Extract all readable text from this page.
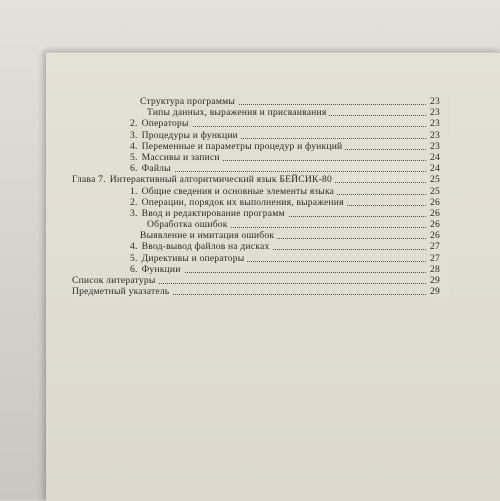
Структура программы	23
Типы данных, выражения и присваивания	23
2. Операторы	23
3. Процедуры и функции	23
4. Переменные и параметры процедур и функций	23
5. Массивы и записи	24
6. Файлы	24
Глава 7. Интерактивный алгоритмический язык БЕЙСИК-80	25
1. Общие сведения и основные элементы языка	25
2. Операции, порядок их выполнения, выражения	26
3. Ввод и редактирование программ	26
Обработка ошибок	26
Выявление и имитация ошибок	26
4. Ввод-вывод файлов на дисках	27
5. Директивы и операторы	27
6. Функции	28
Список литературы	29
Предметный указатель	29
